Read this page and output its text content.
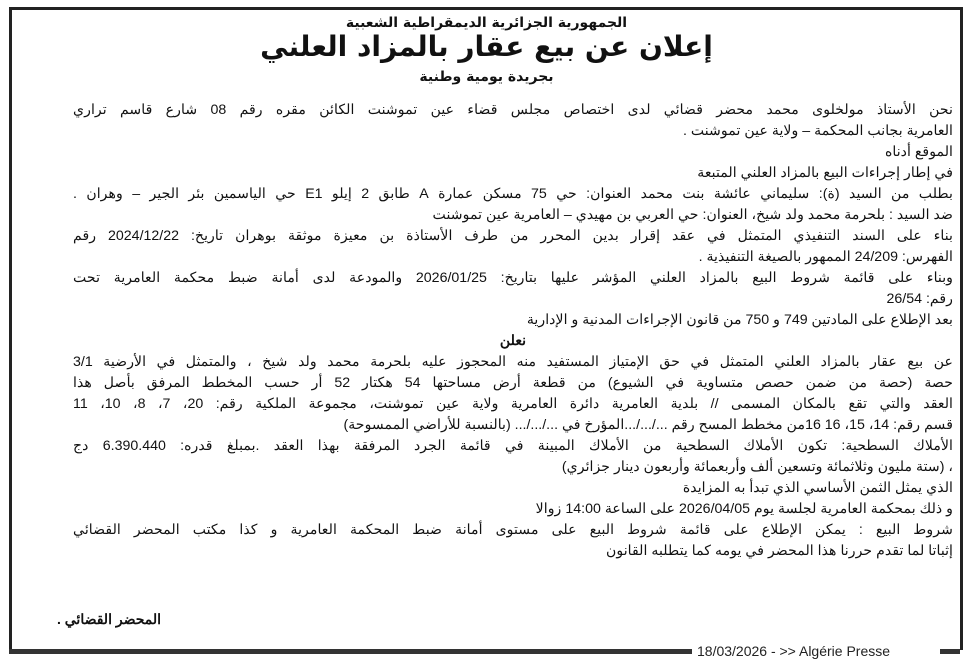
الجمهورية الجزائرية الديمقراطية الشعبية
إعلان عن بيع عقار بالمزاد العلني
بجريدة يومية وطنية
نحن الأستاذ مولخلوى محمد محضر قضائي لدى اختصاص مجلس قضاء عين تموشنت الكائن مقره رقم 08 شارع قاسم تراري
العامرية بجانب المحكمة – ولاية عين تموشنت .
الموقع أدناه
في إطار إجراءات البيع بالمزاد العلني المتبعة
بطلب من السيد (ة): سليماني عائشة بنت محمد العنوان: حي 75 مسكن عمارة A طابق 2 إيلو E1 حي الياسمين بئر الجير – وهران .
ضد السيد : بلحرمة محمد ولد شيخ، العنوان: حي العربي بن مهيدي – العامرية عين تموشنت
بناء على السند التنفيذي المتمثل في عقد إقرار بدين المحرر من طرف الأستاذة بن معيزة موثقة بوهران تاريخ: 2024/12/22 رقم
الفهرس: 24/209 الممهور بالصيغة التنفيذية .
وبناء على قائمة شروط البيع بالمزاد العلني المؤشر عليها بتاريخ: 2026/01/25 والمودعة لدى أمانة ضبط محكمة العامرية تحت
رقم: 26/54
بعد الإطلاع على المادتين 749 و 750 من قانون الإجراءات المدنية و الإدارية
نعلن
عن بيع عقار بالمزاد العلني المتمثل في حق الإمتياز المستفيد منه المحجوز عليه بلحرمة محمد ولد شيخ ، والمتمثل في الأرضية 3/1
حصة (حصة من ضمن حصص متساوية في الشيوع) من قطعة أرض مساحتها 54 هكتار 52 أر حسب المخطط المرفق بأصل هذا
العقد والتي تقع بالمكان المسمى // بلدية العامرية دائرة العامرية ولاية عين تموشنت، مجموعة الملكية رقم: 20، 7، 8، 10، 11
قسم رقم: 14، 15، 16 16من مخطط المسح رقم .../.../...المؤرخ في .../.../... (بالنسبة للأراضي الممسوحة)
الأملاك السطحية: تكون الأملاك السطحية من الأملاك المبينة في قائمة الجرد المرفقة بهذا العقد .بمبلغ قدره: 6.390.440 دج
، (ستة مليون وثلاثمائة وتسعين ألف وأربعمائة وأربعون دينار جزائري)
الذي يمثل الثمن الأساسي الذي تبدأ به المزايدة
و ذلك بمحكمة العامرية لجلسة يوم 2026/04/05 على الساعة 14:00 زوالا
شروط البيع : يمكن الإطلاع على قائمة شروط البيع على مستوى أمانة ضبط المحكمة العامرية و كذا مكتب المحضر القضائي
إثباتا لما تقدم حررنا هذا المحضر في يومه كما يتطلبه القانون
المحضر القضائي .
18/03/2026 - >> Algérie Presse
